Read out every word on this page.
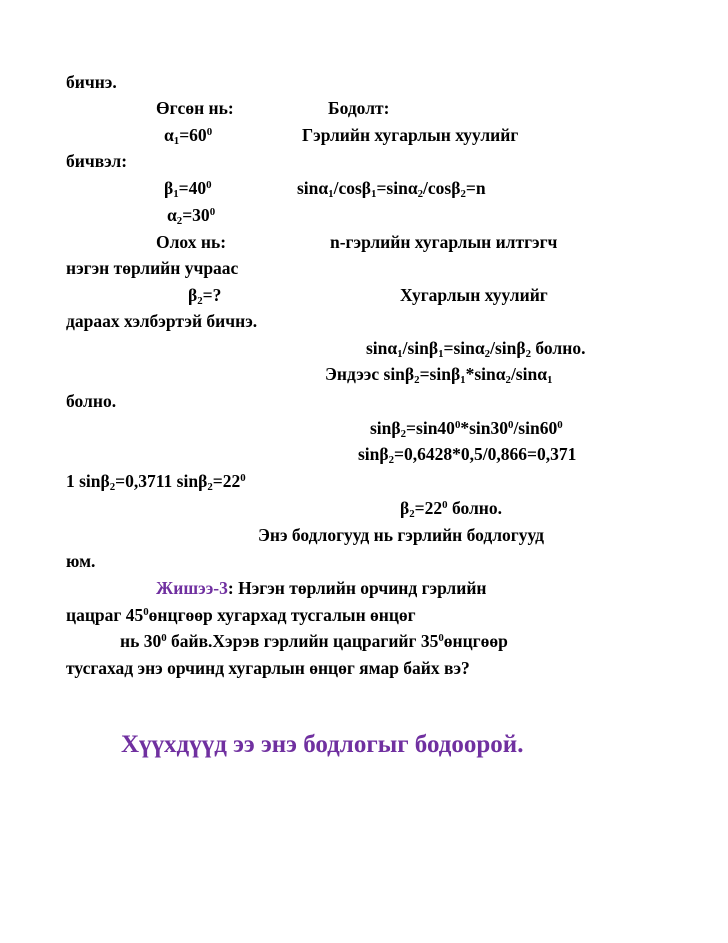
бичнэ.
Өгсөн нь:	Бодолт:
$\alpha_1=60^0$	Гэрлийн хугарлын хуулийг
бичвэл:
$\beta_1=40^0$	sinα$_1$/cosβ$_1$=sinα$_2$/cosβ$_2$=n
$\alpha_2=30^0$
Олох нь:	n-гэрлийн хугарлын илтгэгч
нэгэн төрлийн учраас
$\beta_2=$?	Хугарлын хуулийг
дараах хэлбэртэй бичнэ.
sinα$_1$/sinβ$_1$=sinα$_2$/sinβ$_2$ болно.
Эндээс sinβ$_2$=sinβ$_1$*sinα$_2$/sinα$_1$
болно.
$\sin\beta_2=\sin 40^0*\sin 30^0/\sin 60^0$
sinβ$_2$=0,6428*0,5/0,866=0,371
1 sinβ$_2$=0,3711 $\sin\beta_2=22^0$
$\beta_2=22^0$ болно.
Энэ бодлогууд нь гэрлийн бодлогууд
юм.
Жишээ-3: Нэгэн төрлийн орчинд гэрлийн
цацраг $45^0өнцгөөр$ хугархад тусгалын өнцөг
нь $30^0$ байв.Хэрэв гэрлийн цацрагийг $35^0өнцгөөр$
тусгахад энэ орчинд хугарлын өнцөг ямар байх вэ?
Хүүхдүүд ээ энэ бодлогыг бодоорой.
